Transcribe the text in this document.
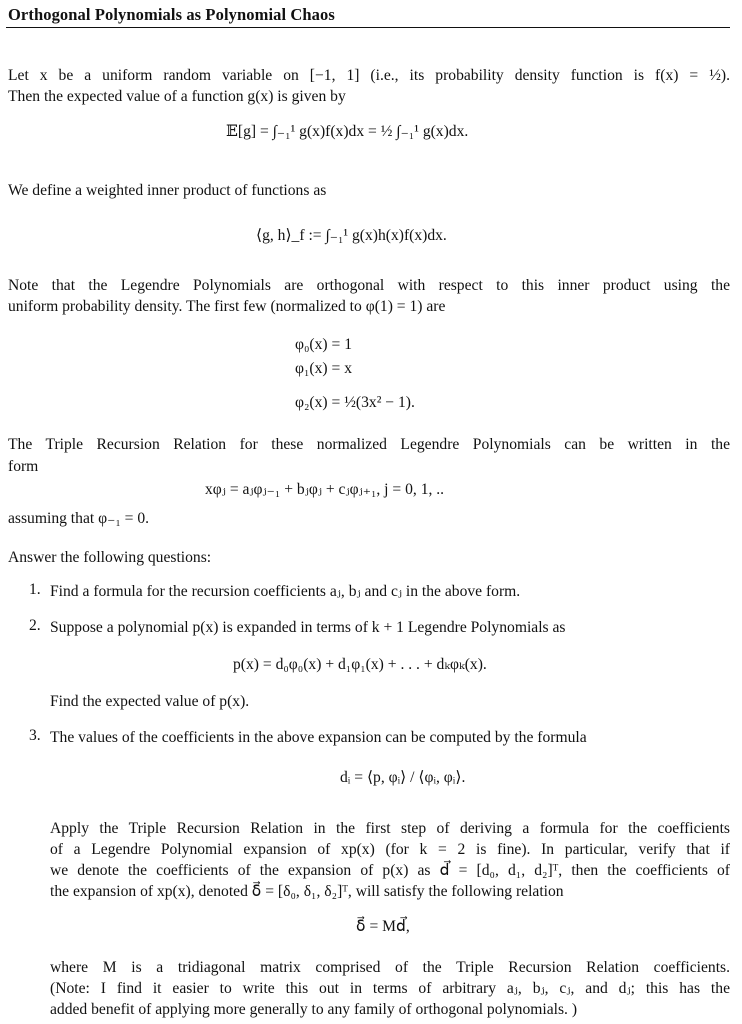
Orthogonal Polynomials as Polynomial Chaos
Let x be a uniform random variable on [−1, 1] (i.e., its probability density function is f(x) = ½).
Then the expected value of a function g(x) is given by
𝔼[g] = ∫₋₁¹ g(x)f(x)dx = ½ ∫₋₁¹ g(x)dx.
We define a weighted inner product of functions as
⟨g, h⟩_f := ∫₋₁¹ g(x)h(x)f(x)dx.
Note that the Legendre Polynomials are orthogonal with respect to this inner product using the
uniform probability density. The first few (normalized to φ(1) = 1) are
φ₀(x) = 1
φ₁(x) = x
φ₂(x) = ½(3x² − 1).
The Triple Recursion Relation for these normalized Legendre Polynomials can be written in the
form
xφⱼ = aⱼφⱼ₋₁ + bⱼφⱼ + cⱼφⱼ₊₁, j = 0, 1, ..
assuming that φ₋₁ = 0.
Answer the following questions:
1. Find a formula for the recursion coefficients aⱼ, bⱼ and cⱼ in the above form.
2. Suppose a polynomial p(x) is expanded in terms of k + 1 Legendre Polynomials as
p(x) = d₀φ₀(x) + d₁φ₁(x) + . . . + dₖφₖ(x).
Find the expected value of p(x).
3. The values of the coefficients in the above expansion can be computed by the formula
dᵢ = ⟨p, φᵢ⟩ / ⟨φᵢ, φᵢ⟩.
Apply the Triple Recursion Relation in the first step of deriving a formula for the coefficients
of a Legendre Polynomial expansion of xp(x) (for k = 2 is fine). In particular, verify that if
we denote the coefficients of the expansion of p(x) as d⃗ = [d₀, d₁, d₂]ᵀ, then the coefficients of
the expansion of xp(x), denoted δ⃗ = [δ₀, δ₁, δ₂]ᵀ, will satisfy the following relation
δ⃗ = Md⃗,
where M is a tridiagonal matrix comprised of the Triple Recursion Relation coefficients.
(Note: I find it easier to write this out in terms of arbitrary aⱼ, bⱼ, cⱼ, and dⱼ; this has the
added benefit of applying more generally to any family of orthogonal polynomials. )
